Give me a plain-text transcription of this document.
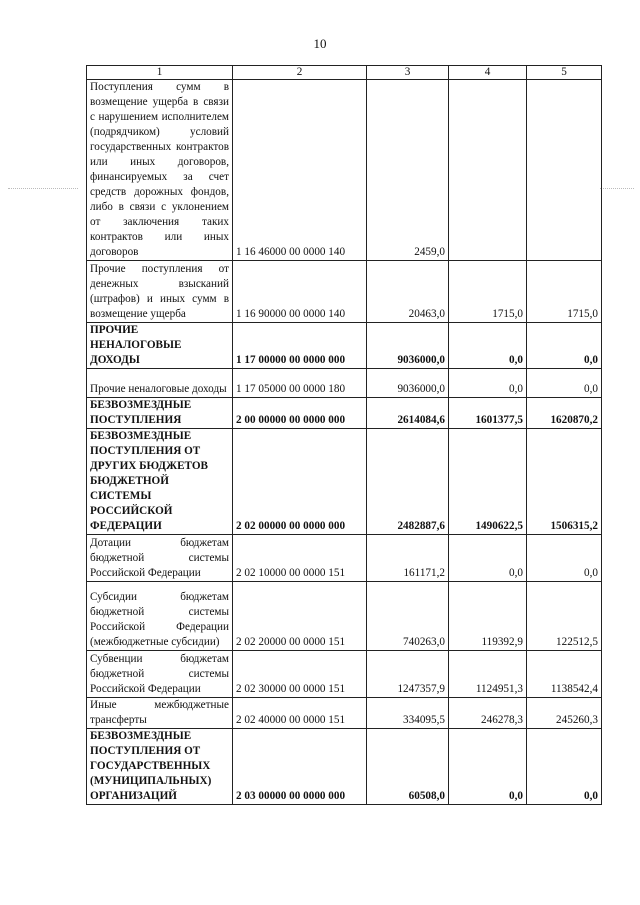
10
1	2	3	4	5
Поступления сумм в возмещение ущерба в связи с нарушением исполнителем (подрядчиком) условий государственных контрактов или иных договоров, финансируемых за счет средств дорожных фондов, либо в связи с уклонением от заключения таких контрактов или иных договоров	1 16 46000 00 0000 140	2459,0		
Прочие поступления от денежных взысканий (штрафов) и иных сумм в возмещение ущерба	1 16 90000 00 0000 140	20463,0	1715,0	1715,0
ПРОЧИЕ НЕНАЛОГОВЫЕ ДОХОДЫ	1 17 00000 00 0000 000	9036000,0	0,0	0,0
Прочие неналоговые доходы	1 17 05000 00 0000 180	9036000,0	0,0	0,0
БЕЗВОЗМЕЗДНЫЕ ПОСТУПЛЕНИЯ	2 00 00000 00 0000 000	2614084,6	1601377,5	1620870,2
БЕЗВОЗМЕЗДНЫЕ ПОСТУПЛЕНИЯ ОТ ДРУГИХ БЮДЖЕТОВ БЮДЖЕТНОЙ СИСТЕМЫ РОССИЙСКОЙ ФЕДЕРАЦИИ	2 02 00000 00 0000 000	2482887,6	1490622,5	1506315,2
Дотации бюджетам бюджетной системы Российской Федерации	2 02 10000 00 0000 151	161171,2	0,0	0,0
Субсидии бюджетам бюджетной системы Российской Федерации (межбюджетные субсидии)	2 02 20000 00 0000 151	740263,0	119392,9	122512,5
Субвенции бюджетам бюджетной системы Российской Федерации	2 02 30000 00 0000 151	1247357,9	1124951,3	1138542,4
Иные межбюджетные трансферты	2 02 40000 00 0000 151	334095,5	246278,3	245260,3
БЕЗВОЗМЕЗДНЫЕ ПОСТУПЛЕНИЯ ОТ ГОСУДАРСТВЕННЫХ (МУНИЦИПАЛЬНЫХ) ОРГАНИЗАЦИЙ	2 03 00000 00 0000 000	60508,0	0,0	0,0
